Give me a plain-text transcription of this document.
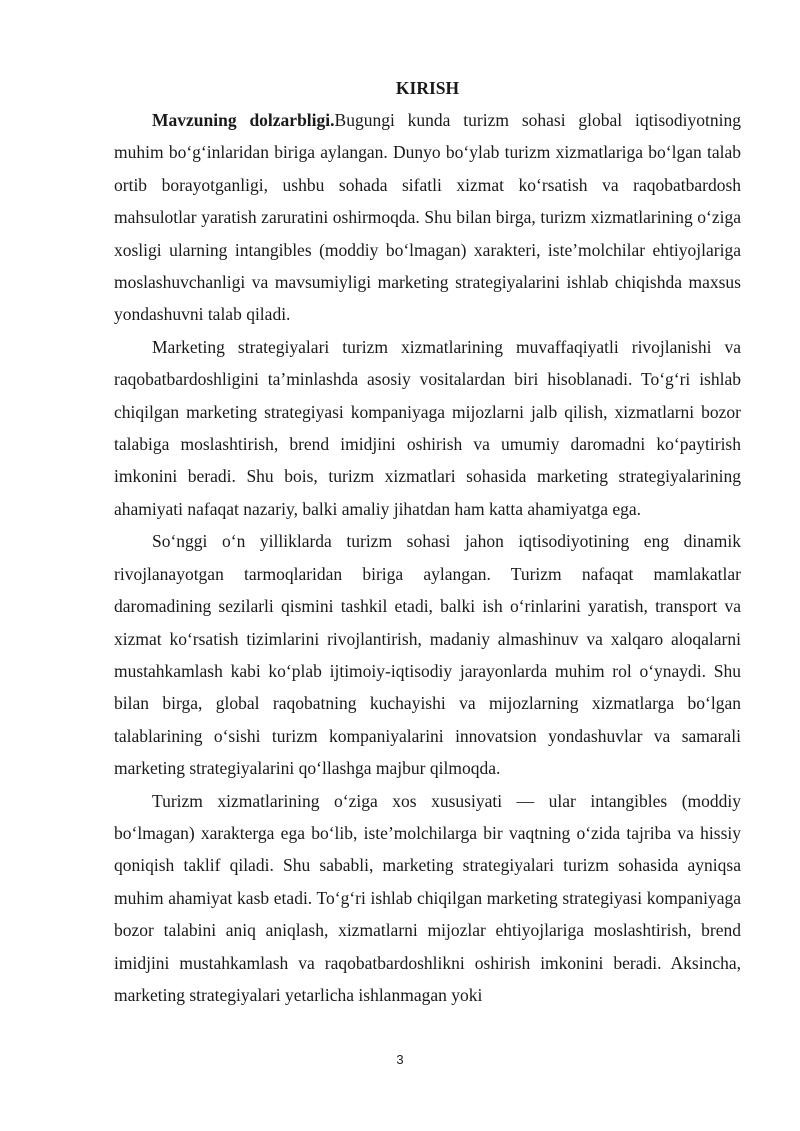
KIRISH

Mavzuning dolzarbligi.Bugungi kunda turizm sohasi global iqtisodiyotning muhim bo‘g‘inlaridan biriga aylangan. Dunyo bo‘ylab turizm xizmatlariga bo‘lgan talab ortib borayotganligi, ushbu sohada sifatli xizmat ko‘rsatish va raqobatbardosh mahsulotlar yaratish zaruratini oshirmoqda. Shu bilan birga, turizm xizmatlarining o‘ziga xosligi ularning intangibles (moddiy bo‘lmagan) xarakteri, iste’molchilar ehtiyojlariga moslashuvchanligi va mavsumiyligi marketing strategiyalarini ishlab chiqishda maxsus yondashuvni talab qiladi.

Marketing strategiyalari turizm xizmatlarining muvaffaqiyatli rivojlanishi va raqobatbardoshligini ta’minlashda asosiy vositalardan biri hisoblanadi. To‘g‘ri ishlab chiqilgan marketing strategiyasi kompaniyaga mijozlarni jalb qilish, xizmatlarni bozor talabiga moslashtirish, brend imidjini oshirish va umumiy daromadni ko‘paytirish imkonini beradi. Shu bois, turizm xizmatlari sohasida marketing strategiyalarining ahamiyati nafaqat nazariy, balki amaliy jihatdan ham katta ahamiyatga ega.

So‘nggi o‘n yilliklarda turizm sohasi jahon iqtisodiyotining eng dinamik rivojlanayotgan tarmoqlaridan biriga aylangan. Turizm nafaqat mamlakatlar daromadining sezilarli qismini tashkil etadi, balki ish o‘rinlarini yaratish, transport va xizmat ko‘rsatish tizimlarini rivojlantirish, madaniy almashinuv va xalqaro aloqalarni mustahkamlash kabi ko‘plab ijtimoiy-iqtisodiy jarayonlarda muhim rol o‘ynaydi. Shu bilan birga, global raqobatning kuchayishi va mijozlarning xizmatlarga bo‘lgan talablarining o‘sishi turizm kompaniyalarini innovatsion yondashuvlar va samarali marketing strategiyalarini qo‘llashga majbur qilmoqda.

Turizm xizmatlarining o‘ziga xos xususiyati — ular intangibles (moddiy bo‘lmagan) xarakterga ega bo‘lib, iste’molchilarga bir vaqtning o‘zida tajriba va hissiy qoniqish taklif qiladi. Shu sababli, marketing strategiyalari turizm sohasida ayniqsa muhim ahamiyat kasb etadi. To‘g‘ri ishlab chiqilgan marketing strategiyasi kompaniyaga bozor talabini aniq aniqlash, xizmatlarni mijozlar ehtiyojlariga moslashtirish, brend imidjini mustahkamlash va raqobatbardoshlikni oshirish imkonini beradi. Aksincha, marketing strategiyalari yetarlicha ishlanmagan yoki

3
